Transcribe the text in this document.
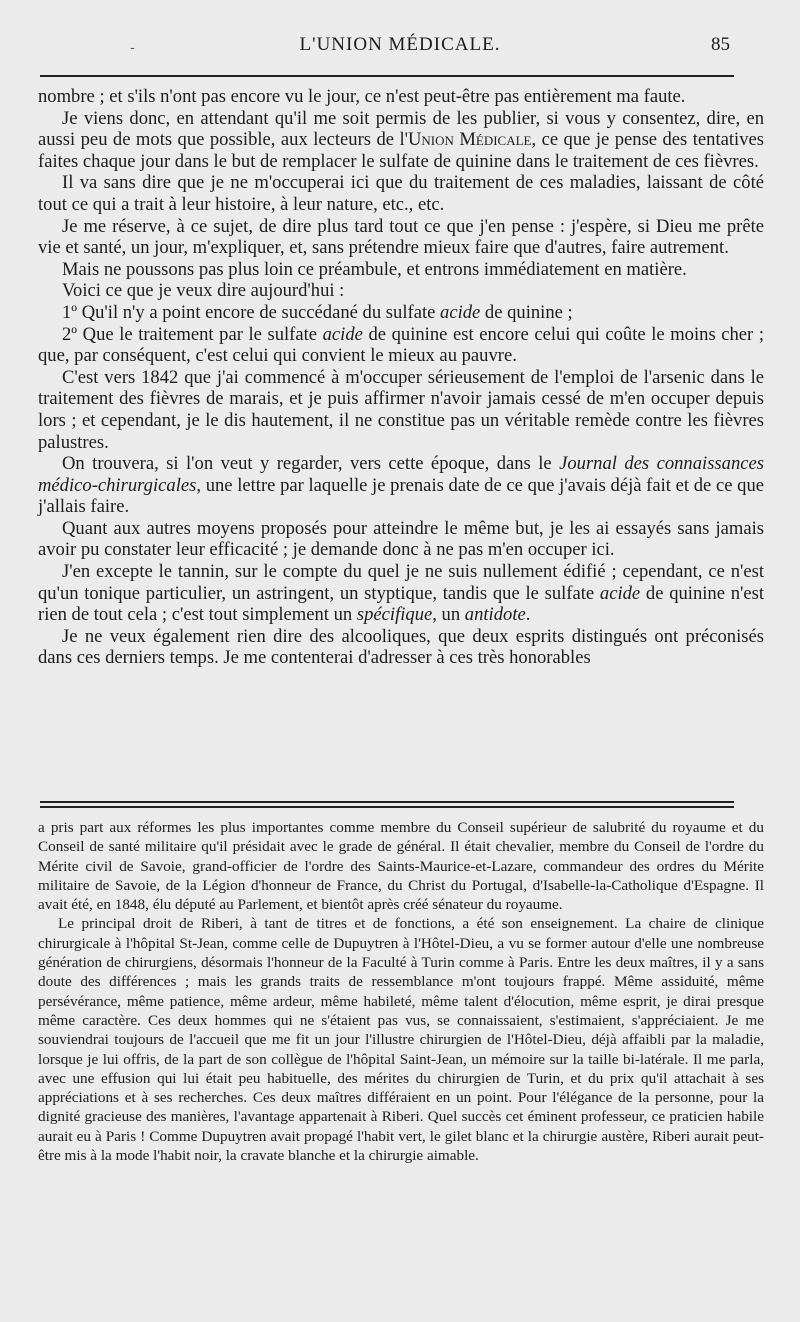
-	L'UNION MÉDICALE.	85

nombre ; et s'ils n'ont pas encore vu le jour, ce n'est peut-être pas entièrement ma faute.

Je viens donc, en attendant qu'il me soit permis de les publier, si vous y consentez, dire, en aussi peu de mots que possible, aux lecteurs de l'Union Médicale, ce que je pense des tentatives faites chaque jour dans le but de remplacer le sulfate de quinine dans le traitement de ces fièvres.

Il va sans dire que je ne m'occuperai ici que du traitement de ces maladies, laissant de côté tout ce qui a trait à leur histoire, à leur nature, etc., etc.

Je me réserve, à ce sujet, de dire plus tard tout ce que j'en pense : j'espère, si Dieu me prête vie et santé, un jour, m'expliquer, et, sans prétendre mieux faire que d'autres, faire autrement.

Mais ne poussons pas plus loin ce préambule, et entrons immédiatement en matière.

Voici ce que je veux dire aujourd'hui :

1º Qu'il n'y a point encore de succédané du sulfate acide de quinine ;

2º Que le traitement par le sulfate acide de quinine est encore celui qui coûte le moins cher ; que, par conséquent, c'est celui qui convient le mieux au pauvre.

C'est vers 1842 que j'ai commencé à m'occuper sérieusement de l'emploi de l'arsenic dans le traitement des fièvres de marais, et je puis affirmer n'avoir jamais cessé de m'en occuper depuis lors ; et cependant, je le dis hautement, il ne constitue pas un véritable remède contre les fièvres palustres.

On trouvera, si l'on veut y regarder, vers cette époque, dans le Journal des connaissances médico-chirurgicales, une lettre par laquelle je prenais date de ce que j'avais déjà fait et de ce que j'allais faire.

Quant aux autres moyens proposés pour atteindre le même but, je les ai essayés sans jamais avoir pu constater leur efficacité ; je demande donc à ne pas m'en occuper ici.

J'en excepte le tannin, sur le compte du quel je ne suis nullement édifié ; cependant, ce n'est qu'un tonique particulier, un astringent, un styptique, tandis que le sulfate acide de quinine n'est rien de tout cela ; c'est tout simplement un spécifique, un antidote.

Je ne veux également rien dire des alcooliques, que deux esprits distingués ont préconisés dans ces derniers temps. Je me contenterai d'adresser à ces très honorables

a pris part aux réformes les plus importantes comme membre du Conseil supérieur de salubrité du royaume et du Conseil de santé militaire qu'il présidait avec le grade de général. Il était chevalier, membre du Conseil de l'ordre du Mérite civil de Savoie, grand-officier de l'ordre des Saints-Maurice-et-Lazare, commandeur des ordres du Mérite militaire de Savoie, de la Légion d'honneur de France, du Christ du Portugal, d'Isabelle-la-Catholique d'Espagne. Il avait été, en 1848, élu député au Parlement, et bientôt après créé sénateur du royaume.

Le principal droit de Riberi, à tant de titres et de fonctions, a été son enseignement. La chaire de clinique chirurgicale à l'hôpital St-Jean, comme celle de Dupuytren à l'Hôtel-Dieu, a vu se former autour d'elle une nombreuse génération de chirurgiens, désormais l'honneur de la Faculté à Turin comme à Paris. Entre les deux maîtres, il y a sans doute des différences ; mais les grands traits de ressemblance m'ont toujours frappé. Même assiduité, même persévérance, même patience, même ardeur, même habileté, même talent d'élocution, même esprit, je dirai presque même caractère. Ces deux hommes qui ne s'étaient pas vus, se connaissaient, s'estimaient, s'appréciaient. Je me souviendrai toujours de l'accueil que me fit un jour l'illustre chirurgien de l'Hôtel-Dieu, déjà affaibli par la maladie, lorsque je lui offris, de la part de son collègue de l'hôpital Saint-Jean, un mémoire sur la taille bi-latérale. Il me parla, avec une effusion qui lui était peu habituelle, des mérites du chirurgien de Turin, et du prix qu'il attachait à ses appréciations et à ses recherches. Ces deux maîtres différaient en un point. Pour l'élégance de la personne, pour la dignité gracieuse des manières, l'avantage appartenait à Riberi. Quel succès cet éminent professeur, ce praticien habile aurait eu à Paris ! Comme Dupuytren avait propagé l'habit vert, le gilet blanc et la chirurgie austère, Riberi aurait peut-être mis à la mode l'habit noir, la cravate blanche et la chirurgie aimable.
